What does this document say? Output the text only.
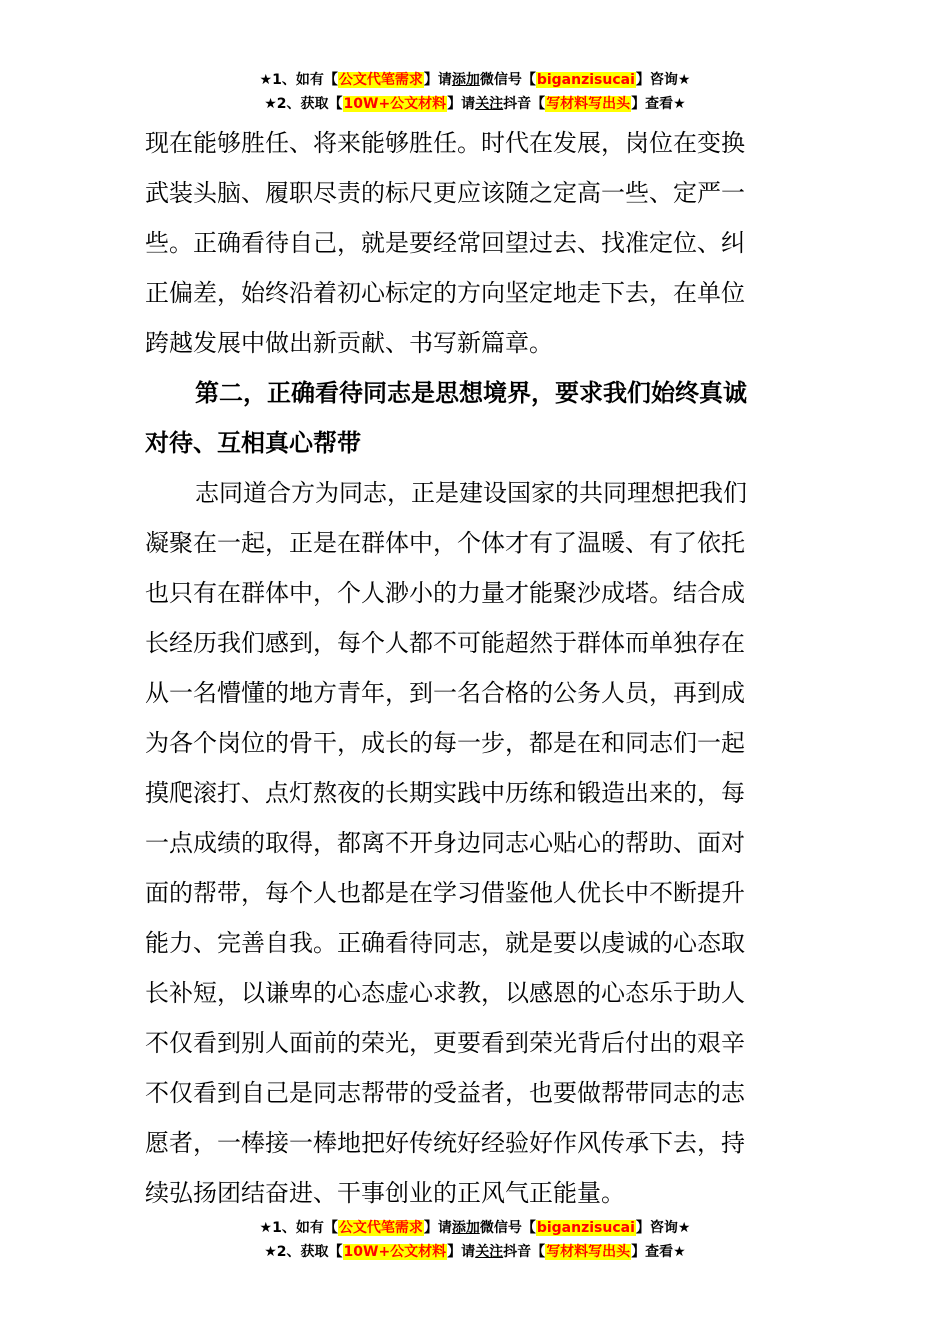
★1、如有【公文代笔需求】请添加微信号【biganzisucai】咨询★
★2、获取【10W+公文材料】请关注抖音【写材料写出头】查看★
现在能够胜任、将来能够胜任。时代在发展，岗位在变换
武装头脑、履职尽责的标尺更应该随之定高一些、定严一
些。正确看待自己，就是要经常回望过去、找准定位、纠
正偏差，始终沿着初心标定的方向坚定地走下去，在单位
跨越发展中做出新贡献、书写新篇章。
第二，正确看待同志是思想境界，要求我们始终真诚
对待、互相真心帮带
志同道合方为同志，正是建设国家的共同理想把我们
凝聚在一起，正是在群体中，个体才有了温暖、有了依托
也只有在群体中，个人渺小的力量才能聚沙成塔。结合成
长经历我们感到，每个人都不可能超然于群体而单独存在
从一名懵懂的地方青年，到一名合格的公务人员，再到成
为各个岗位的骨干，成长的每一步，都是在和同志们一起
摸爬滚打、点灯熬夜的长期实践中历练和锻造出来的，每
一点成绩的取得，都离不开身边同志心贴心的帮助、面对
面的帮带，每个人也都是在学习借鉴他人优长中不断提升
能力、完善自我。正确看待同志，就是要以虔诚的心态取
长补短，以谦卑的心态虚心求教，以感恩的心态乐于助人
不仅看到别人面前的荣光，更要看到荣光背后付出的艰辛
不仅看到自己是同志帮带的受益者，也要做帮带同志的志
愿者，一棒接一棒地把好传统好经验好作风传承下去，持
续弘扬团结奋进、干事创业的正风气正能量。
★1、如有【公文代笔需求】请添加微信号【biganzisucai】咨询★
★2、获取【10W+公文材料】请关注抖音【写材料写出头】查看★
